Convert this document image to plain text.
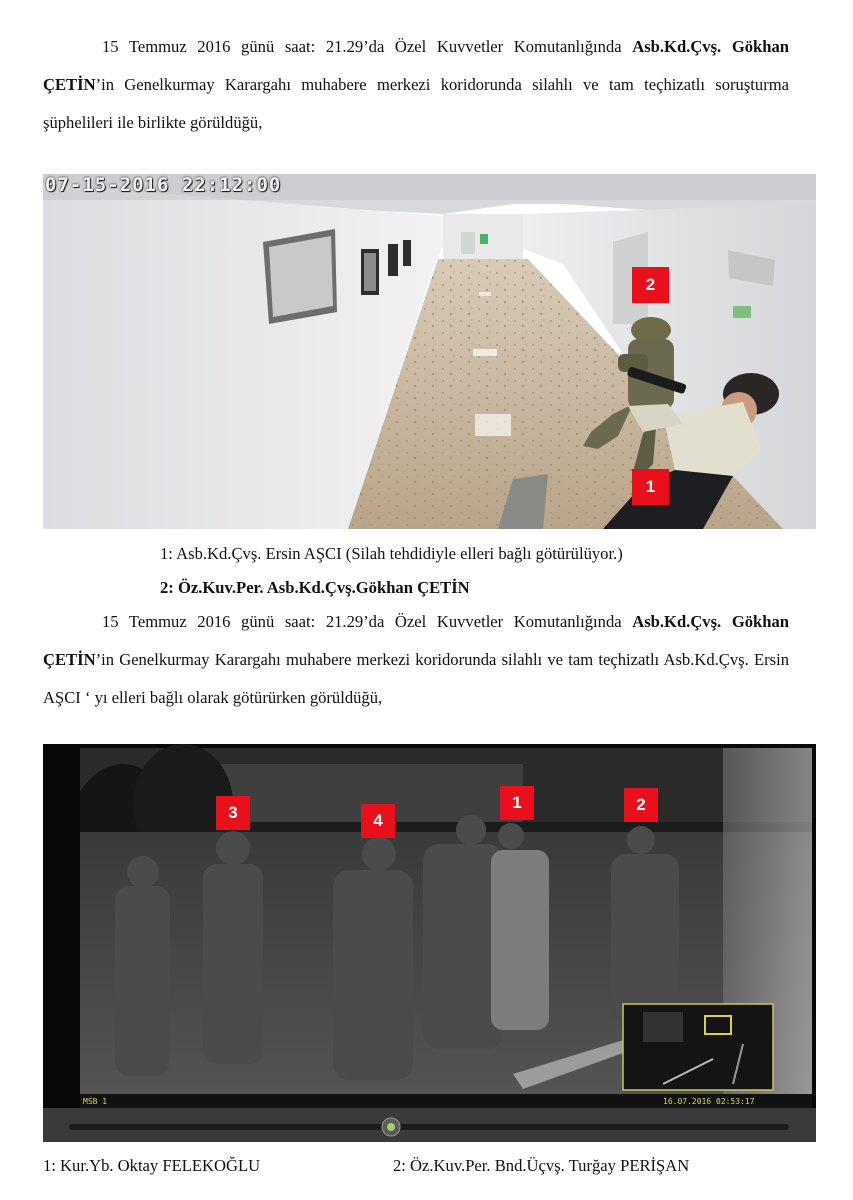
15 Temmuz 2016 günü saat: 21.29’da Özel Kuvvetler Komutanlığında Asb.Kd.Çvş. Gökhan ÇETİN’in Genelkurmay Karargahı muhabere merkezi koridorunda silahlı ve tam teçhizatlı soruşturma şüphelileri ile birlikte görüldüğü,
07-15-2016 22:12:00
2
1
1: Asb.Kd.Çvş. Ersin AŞCI (Silah tehdidiyle elleri bağlı götürülüyor.)
2: Öz.Kuv.Per. Asb.Kd.Çvş.Gökhan ÇETİN
15 Temmuz 2016 günü saat: 21.29’da Özel Kuvvetler Komutanlığında Asb.Kd.Çvş. Gökhan ÇETİN’in Genelkurmay Karargahı muhabere merkezi koridorunda silahlı ve tam teçhizatlı Asb.Kd.Çvş. Ersin AŞCI ‘ yı elleri bağlı olarak götürürken görüldüğü,
MSB 1	16.07.2016 02:53:17
3	4
1	2
1: Kur.Yb. Oktay FELEKOĞLU	2: Öz.Kuv.Per. Bnd.Üçvş. Turğay PERİŞAN
